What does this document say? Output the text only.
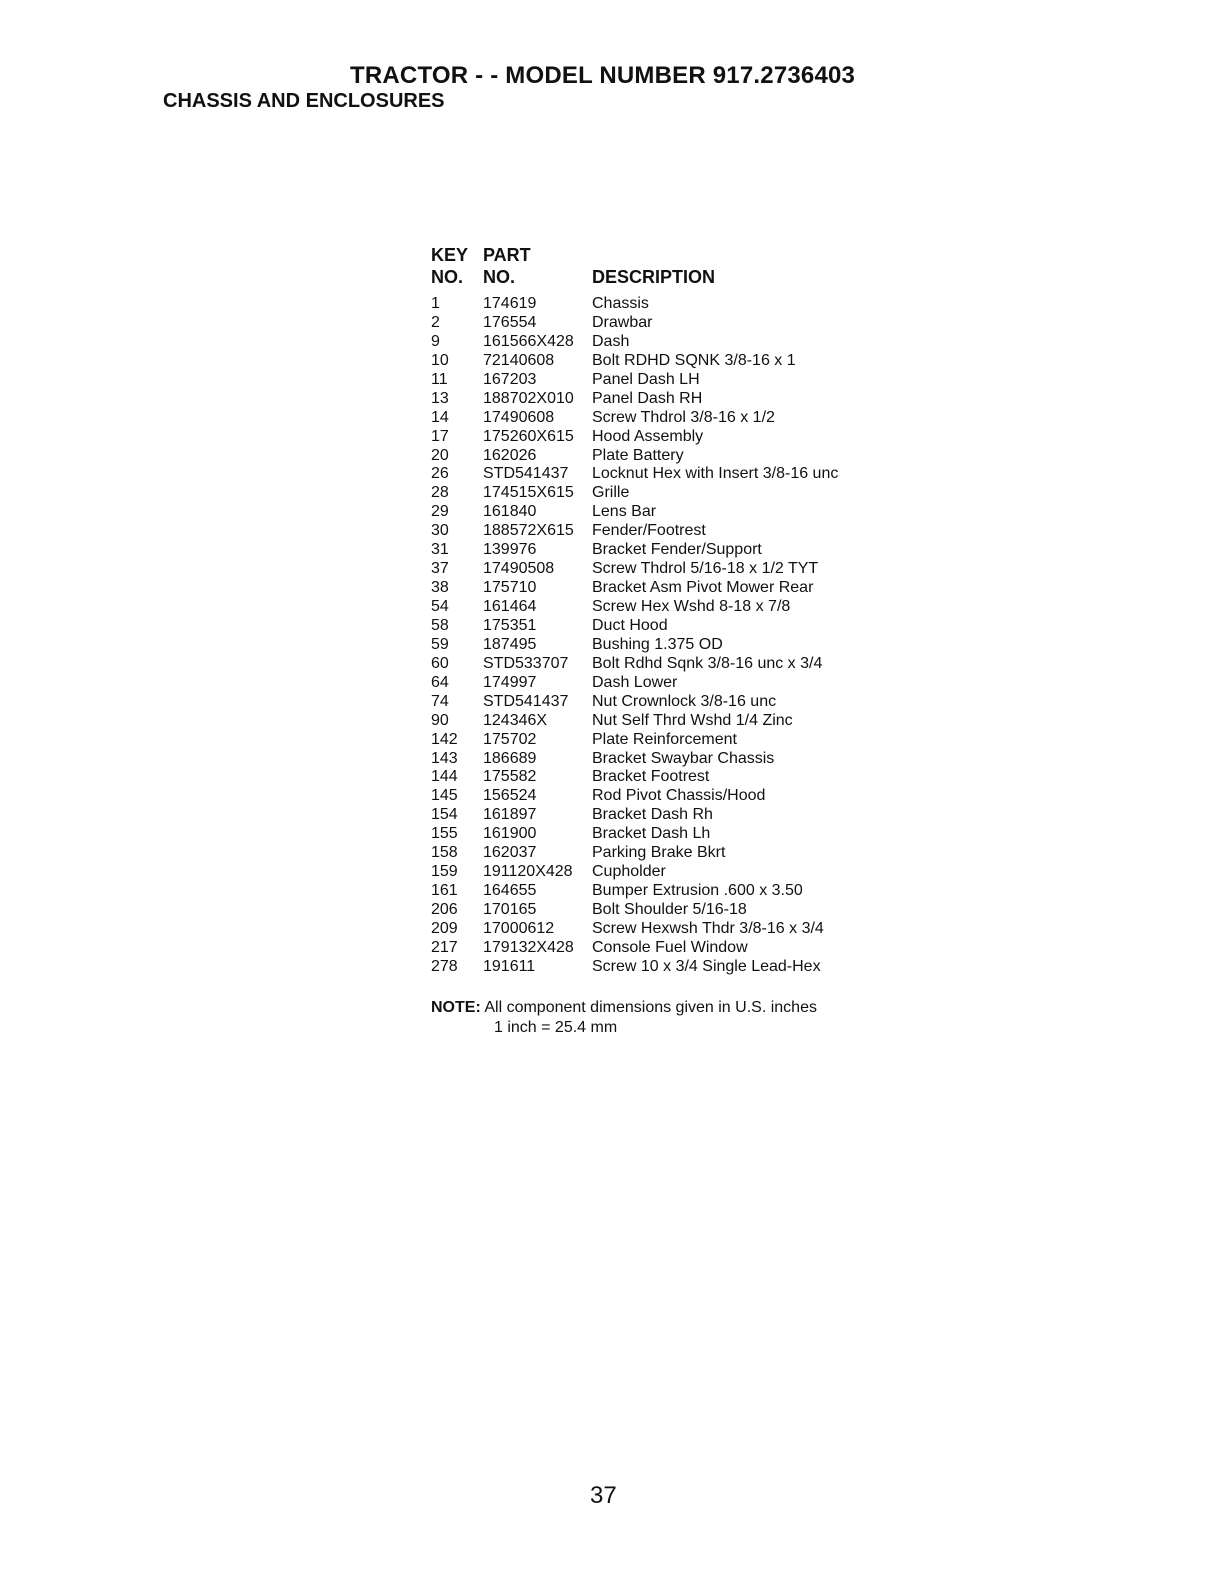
TRACTOR - - MODEL NUMBER 917.2736403
CHASSIS AND ENCLOSURES
KEY PART
NO. NO.	DESCRIPTION
1	174619	Chassis
2	176554	Drawbar
9	161566X428 Dash
10 72140608 Bolt RDHD SQNK 3/8-16 x 1
11 167203	Panel Dash LH
13 188702X010 Panel Dash RH
14 17490608 Screw Thdrol 3/8-16 x 1/2
17 175260X615 Hood Assembly
20 162026	Plate Battery
26 STD541437 Locknut Hex with Insert 3/8-16 unc
28 174515X615 Grille
29 161840	Lens Bar
30 188572X615 Fender/Footrest
31 139976	Bracket Fender/Support
37 17490508 Screw Thdrol 5/16-18 x 1/2 TYT
38 175710	Bracket Asm Pivot Mower Rear
54 161464	Screw Hex Wshd 8-18 x 7/8
58 175351	Duct Hood
59 187495	Bushing 1.375 OD
60 STD533707 Bolt Rdhd Sqnk 3/8-16 unc x 3/4
64 174997	Dash Lower
74 STD541437 Nut Crownlock 3/8-16 unc
90 124346X	Nut Self Thrd Wshd 1/4 Zinc
142 175702	Plate Reinforcement
143 186689	Bracket Swaybar Chassis
144 175582	Bracket Footrest
145 156524	Rod Pivot Chassis/Hood
154 161897	Bracket Dash Rh
155 161900	Bracket Dash Lh
158 162037	Parking Brake Bkrt
159 191120X428 Cupholder
161 164655	Bumper Extrusion .600 x 3.50
206 170165	Bolt Shoulder 5/16-18
209 17000612 Screw Hexwsh Thdr 3/8-16 x 3/4
217 179132X428 Console Fuel Window
278 191611	Screw 10 x 3/4 Single Lead-Hex
NOTE: All component dimensions given in U.S. inches
1 inch = 25.4 mm
37
